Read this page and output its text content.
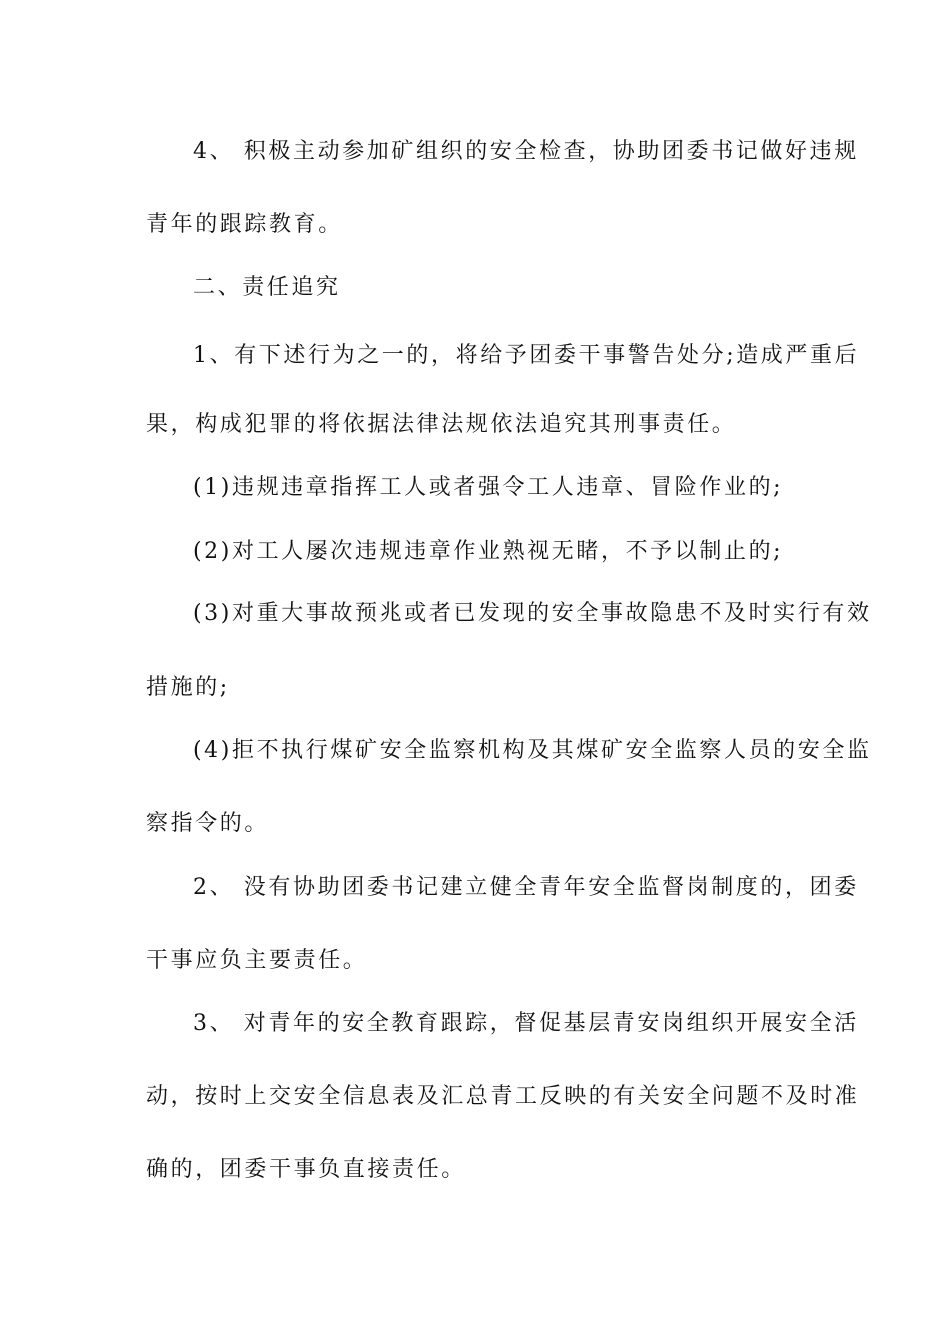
4、 积极主动参加矿组织的安全检查，协助团委书记做好违规
青年的跟踪教育。
二、责任追究
1、有下述行为之一的，将给予团委干事警告处分;造成严重后
果，构成犯罪的将依据法律法规依法追究其刑事责任。
(1)违规违章指挥工人或者强令工人违章、冒险作业的;
(2)对工人屡次违规违章作业熟视无睹，不予以制止的;
(3)对重大事故预兆或者已发现的安全事故隐患不及时实行有效
措施的;
(4)拒不执行煤矿安全监察机构及其煤矿安全监察人员的安全监
察指令的。
2、 没有协助团委书记建立健全青年安全监督岗制度的，团委
干事应负主要责任。
3、 对青年的安全教育跟踪，督促基层青安岗组织开展安全活
动，按时上交安全信息表及汇总青工反映的有关安全问题不及时准
确的，团委干事负直接责任。
